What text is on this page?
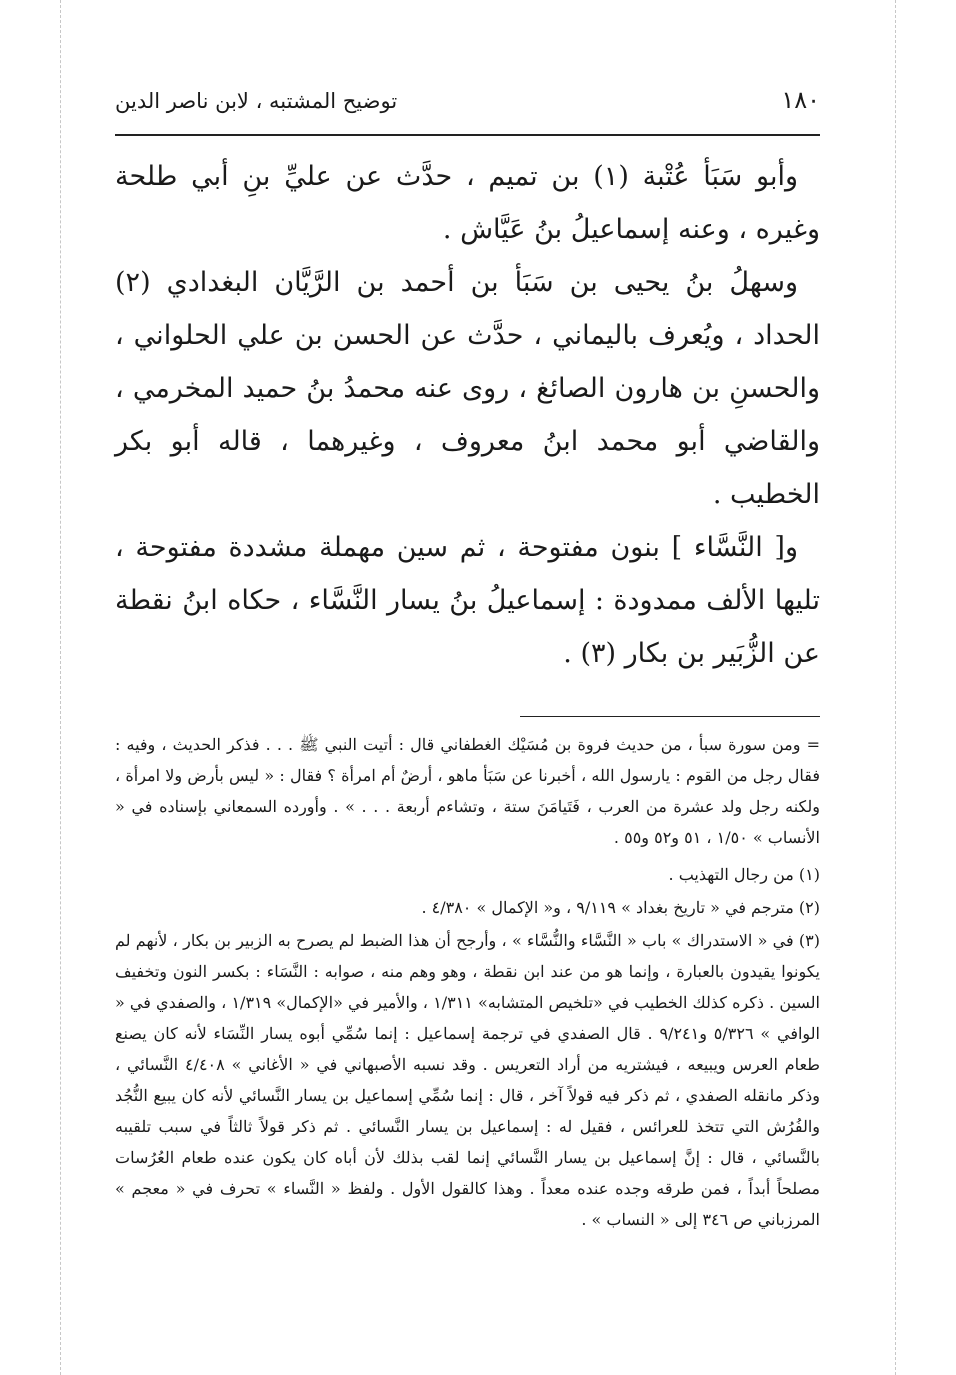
١٨٠
توضيح المشتبه ، لابن ناصر الدين

وأبو سَبَأ عُتْبة (١) بن تميم ، حدَّث عن عليِّ بنِ أبي طلحة وغيره ، وعنه إسماعيلُ بنُ عَيَّاش .

وسهلُ بنُ يحيى بن سَبَأ بن أحمد بن الرَّيَّان البغدادي (٢) الحداد ، ويُعرف باليماني ، حدَّث عن الحسن بن علي الحلواني ، والحسنِ بن هارون الصائغ ، روى عنه محمدُ بنُ حميد المخرمي ، والقاضي أبو محمد ابنُ معروف ، وغيرهما ، قاله أبو بكر الخطيب .

و[ النَّسَّاء ] بنون مفتوحة ، ثم سين مهملة مشددة مفتوحة ، تليها الألف ممدودة : إسماعيلُ بنُ يسار النَّسَّاء ، حكاه ابنُ نقطة عن الزُّبَير بن بكار (٣) .

= ومن سورة سبأ ، من حديث فروة بن مُسَيْك الغطفاني قال : أتيت النبي ﷺ . . . فذكر الحديث ، وفيه : فقال رجل من القوم : يارسول الله ، أخبرنا عن سَبَأ ماهو ، أرضٌ أم امرأة ؟ فقال : « ليس بأرض ولا امرأة ، ولكنه رجل ولد عشرة من العرب ، فَتَيامَنَ ستة ، وتشاءم أربعة . . . » . وأورده السمعاني بإسناده في « الأنساب » ١/٥٠ ، ٥١ و٥٢ و٥٥ .

(١) من رجال التهذيب .

(٢) مترجم في « تاريخ بغداد » ٩/١١٩ ، و« الإكمال » ٤/٣٨٠ .

(٣) في « الاستدراك » باب « النَّسَّاء والنُّسَّاء » ، وأرجح أن هذا الضبط لم يصرح به الزبير بن بكار ، لأنهم لم يكونوا يقيدون بالعبارة ، وإنما هو من عند ابن نقطة ، وهو وهم منه ، صوابه : النَّسَاء : بكسر النون وتخفيف السين . ذكره كذلك الخطيب في «تلخيص المتشابه» ١/٣١١ ، والأمير في «الإكمال» ١/٣١٩ ، والصفدي في « الوافي » ٥/٣٢٦ و٩/٢٤١ . قال الصفدي في ترجمة إسماعيل : إنما سُمِّي أبوه يسار النِّسَاء لأنه كان يصنع طعام العرس ويبيعه ، فيشتريه من أراد التعريس . وقد نسبه الأصبهاني في « الأغاني » ٤/٤٠٨ النَّسائي ، وذكر مانقله الصفدي ، ثم ذكر فيه قولاً آخر ، قال : إنما سُمِّي إسماعيل بن يسار النَّسائي لأنه كان يبيع النُّجُد والفُرُش التي تتخذ للعرائس ، فقيل له : إسماعيل بن يسار النَّسائي . ثم ذكر قولاً ثالثاً في سبب تلقيبه بالنَّسائي ، قال : إنَّ إسماعيل بن يسار النَّسائي إنما لقب بذلك لأن أباه كان يكون عنده طعام العُرُسات مصلحاً أبداً ، فمن طرقه وجده عنده معداً . وهذا كالقول الأول . ولفظ « النَّساء » تحرف في « معجم » المرزباني ص ٣٤٦ إلى « النساب » .
